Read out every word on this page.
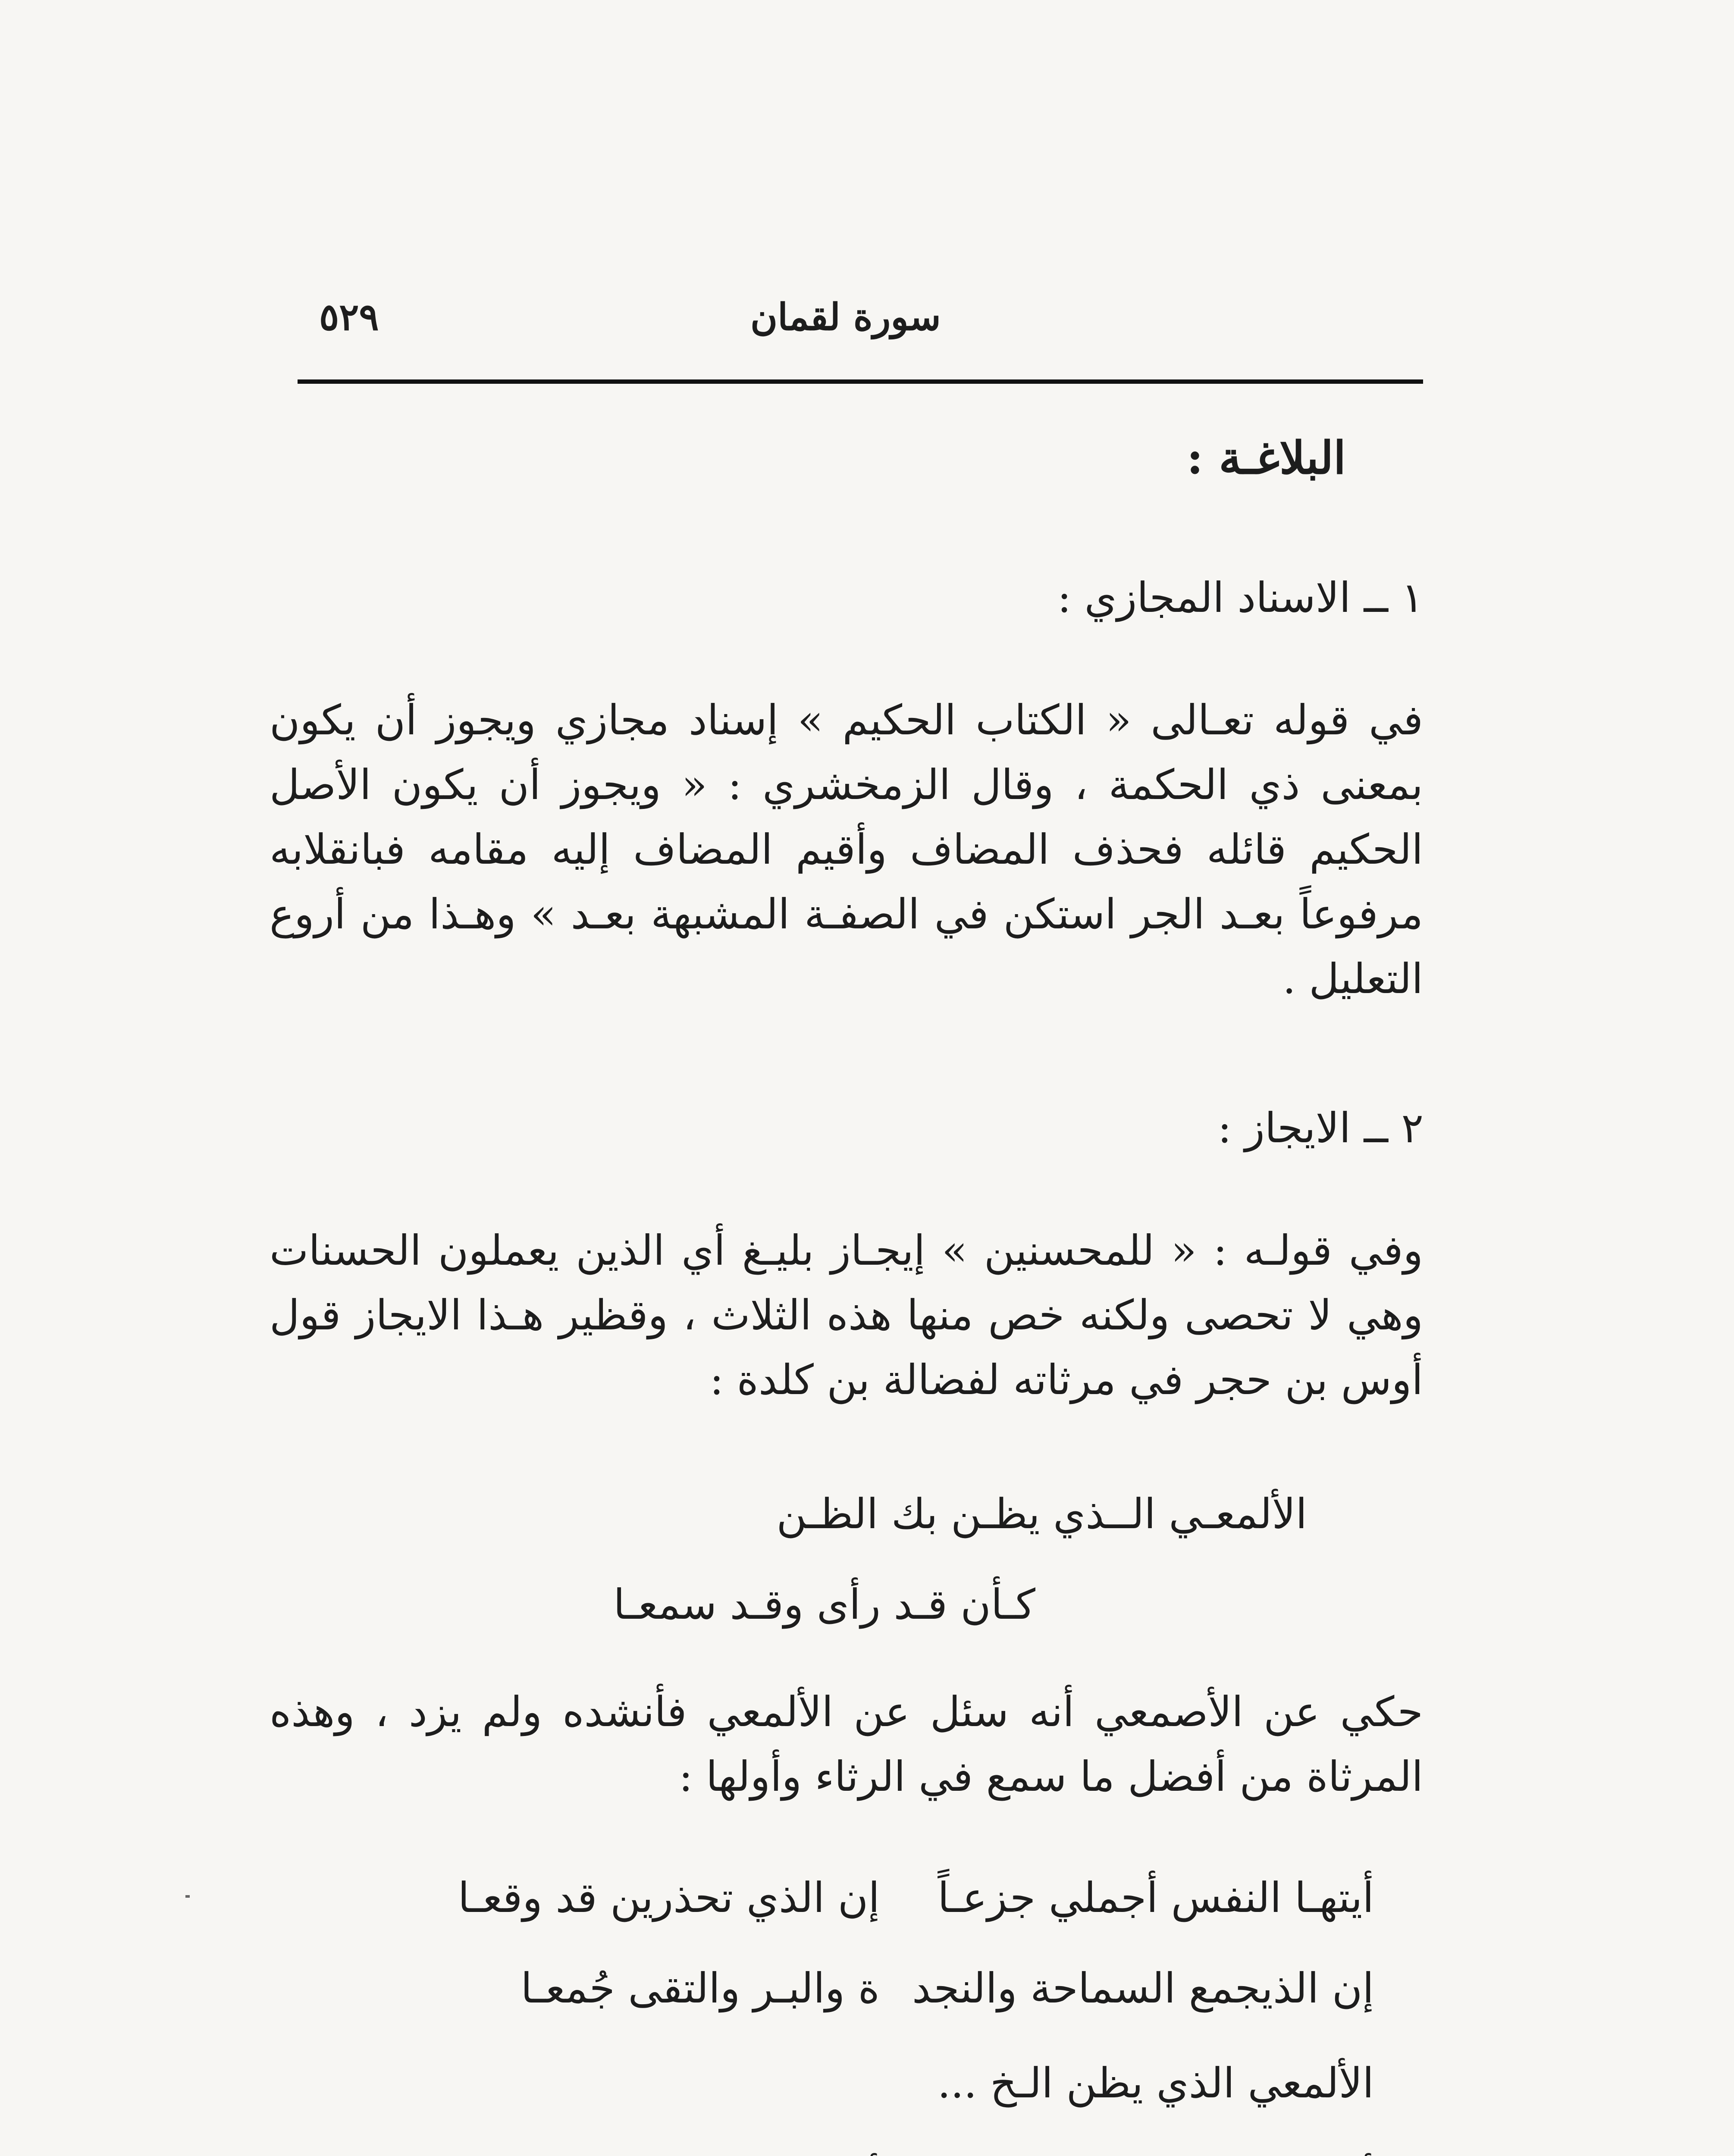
٥٢٩	سورة لقمان
البلاغـة :
١ ــ الاسناد المجازي :
في قوله تعـالى « الكتاب الحكيم » إسناد مجازي ويجوز أن يكون بمعنى ذي الحكمة ، وقال الزمخشري : « ويجوز أن يكون الأصل الحكيم قائله فحذف المضاف وأقيم المضاف إليه مقامه فبانقلابه مرفوعاً بعـد الجر استكن في الصفـة المشبهة بعـد » وهـذا من أروع التعليل .
٢ ــ الايجاز :
وفي قولـه : « للمحسنين » إيجـاز بليـغ أي الذين يعملون الحسنات وهي لا تحصى ولكنه خص منها هذه الثلاث ، وقظير هـذا الايجاز قول أوس بن حجر في مرثاته لفضالة بن كلدة :
الألمعـي الــذي يظـن بك الظـن
كـأن قـد رأى وقـد سمعـا
حكي عن الأصمعي أنه سئل عن الألمعي فأنشده ولم يزد ، وهذه المرثاة من أفضل ما سمع في الرثاء وأولها :
أيتهـا النفس أجملي جزعـاً
إن الذي تحذرين قد وقعـا
إن الذيجمع السماحة والنجد
ة والبـر والتقى جُمعـا
الألمعي الذي يظن الـخ ...
